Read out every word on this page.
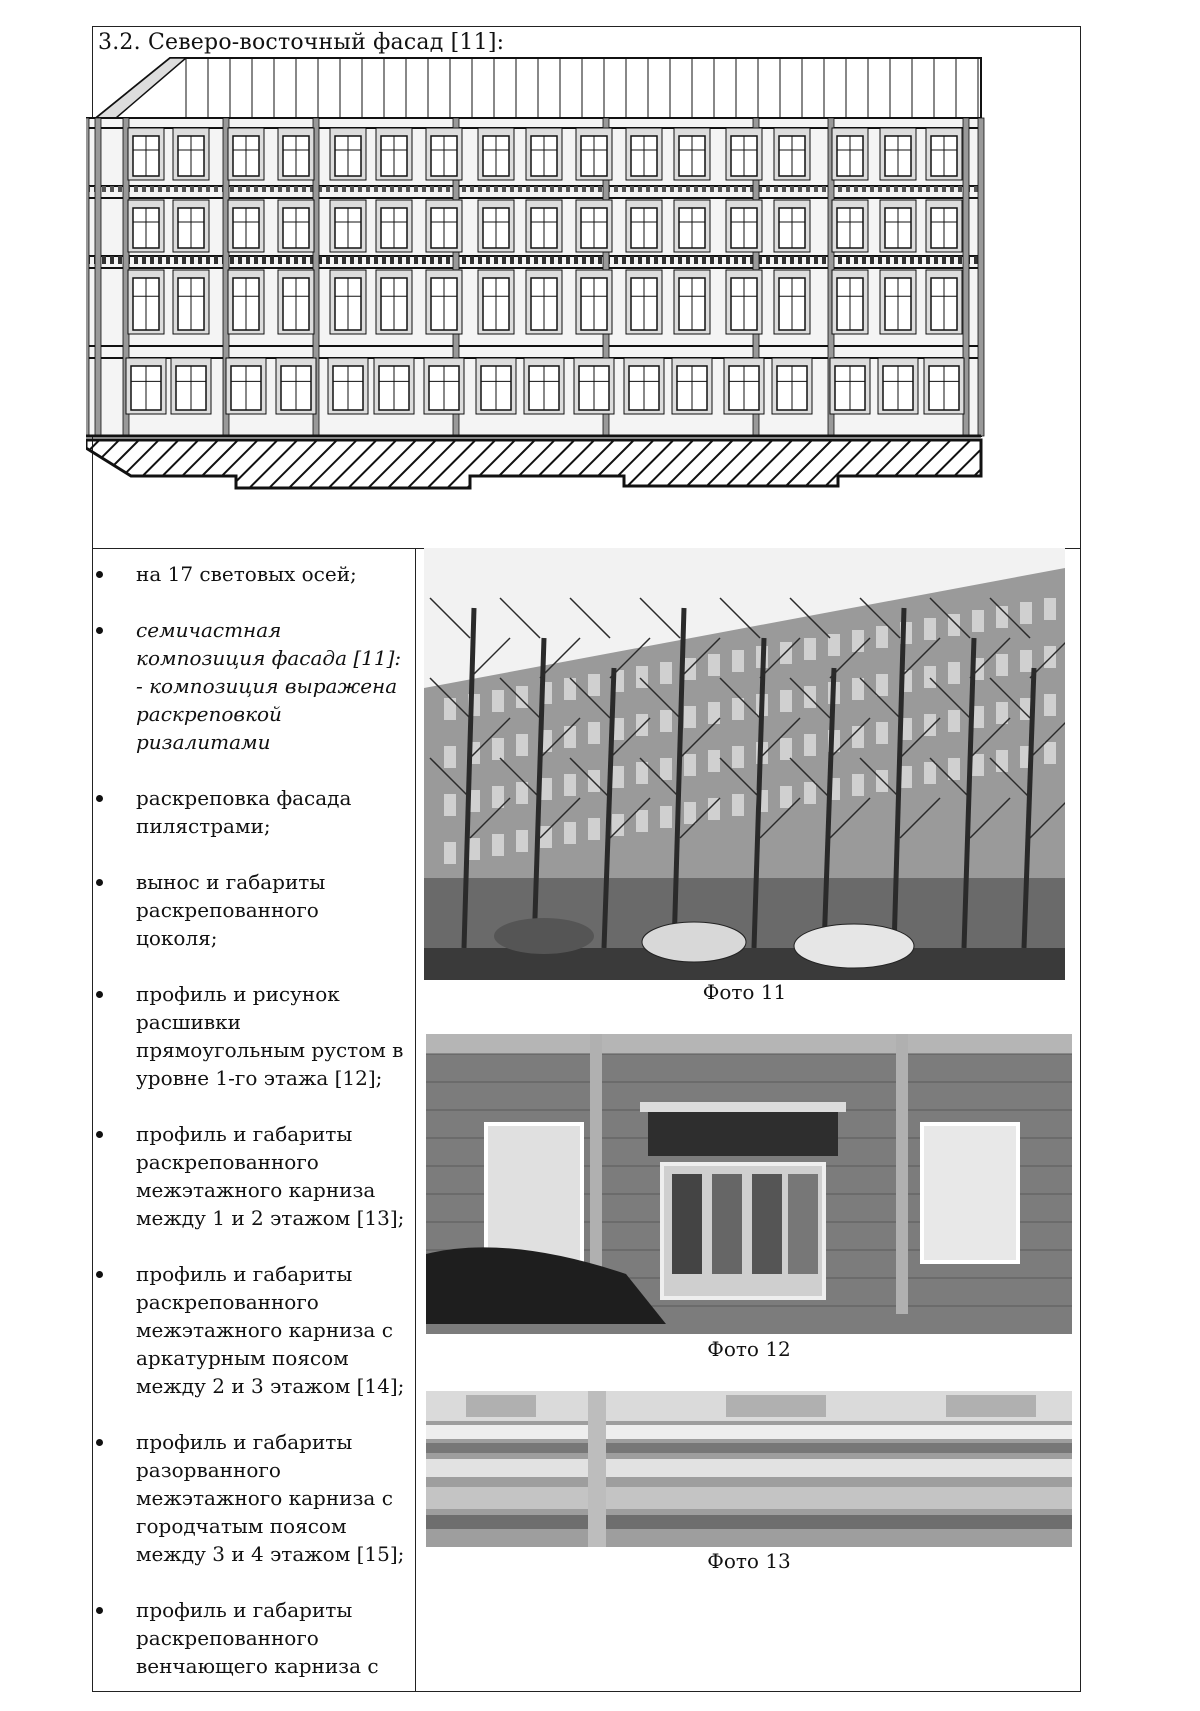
3.2. Северо-восточный фасад [11]:
на 17 световых осей;
семичастная композиция фасада [11]: - композиция выражена раскреповкой ризалитами
раскреповка фасада пилястрами;
вынос и габариты раскрепованного цоколя;
профиль и рисунок расшивки прямоугольным рустом в уровне 1-го этажа [12];
профиль и габариты раскрепованного межэтажного карниза между 1 и 2 этажом [13];
профиль и габариты раскрепованного межэтажного карниза с аркатурным поясом между 2 и 3 этажом [14];
профиль и габариты разорванного межэтажного карниза с городчатым поясом между 3 и 4 этажом [15];
профиль и габариты раскрепованного венчающего карниза с
Фото 11
Фото 12
Фото 13
